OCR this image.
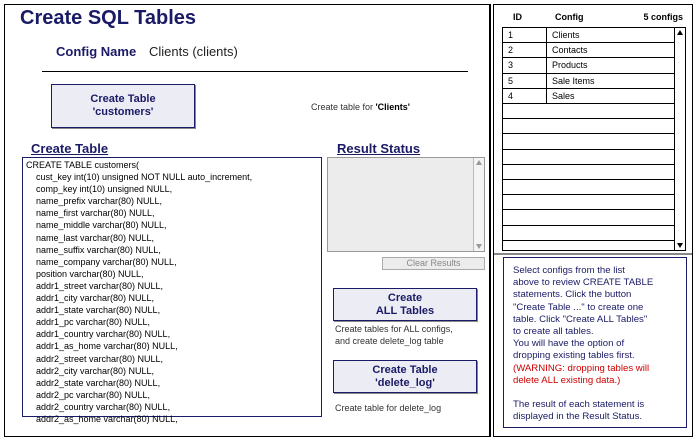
Create SQL Tables
Config Name Clients (clients)
Create Table
'customers'	Create table for 'Clients'
Create Table	Result Status
CREATE TABLE customers(
cust_key int(10) unsigned NOT NULL auto_increment,
comp_key int(10) unsigned NULL,
name_prefix varchar(80) NULL,
name_first varchar(80) NULL,
name_middle varchar(80) NULL,
name_last varchar(80) NULL,
name_suffix varchar(80) NULL,
name_company varchar(80) NULL,
position varchar(80) NULL,
addr1_street varchar(80) NULL,
addr1_city varchar(80) NULL,
addr1_state varchar(80) NULL,
addr1_pc varchar(80) NULL,
addr1_country varchar(80) NULL,
addr1_as_home varchar(80) NULL,
addr2_street varchar(80) NULL,
addr2_city varchar(80) NULL,
addr2_state varchar(80) NULL,
addr2_pc varchar(80) NULL,
addr2_country varchar(80) NULL,
addr2_as_home varchar(80) NULL,
Clear Results
Create
ALL Tables
Create tables for ALL configs,
and create delete_log table
Create Table
'delete_log'
Create table for delete_log
ID	Config	5 configs
1	Clients
2	Contacts
3	Products
5	Sale Items
4	Sales
Select configs from the list
above to review CREATE TABLE
statements. Click the button
"Create Table ..." to create one
table. Click "Create ALL Tables"
to create all tables.
You will have the option of
dropping existing tables first.
(WARNING: dropping tables will
delete ALL existing data.)
The result of each statement is
displayed in the Result Status.
